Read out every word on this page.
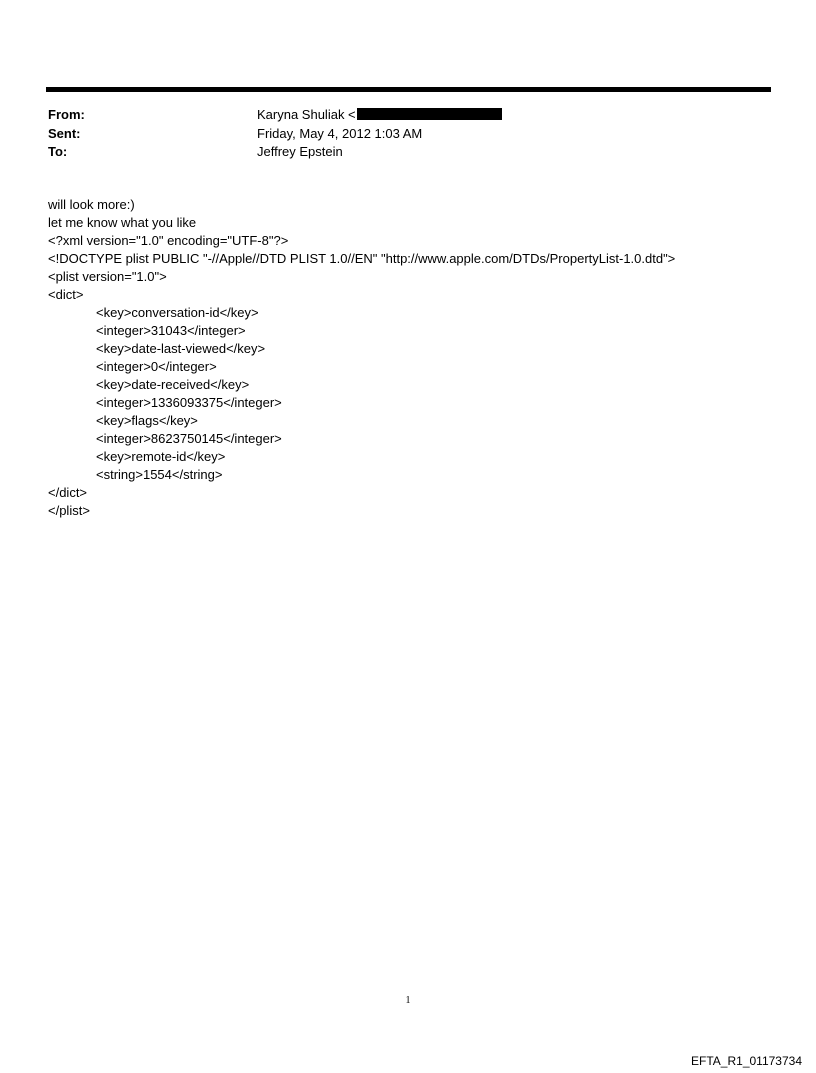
From:	Karyna Shuliak <
Sent:	Friday, May 4, 2012 1:03 AM
To:	Jeffrey Epstein
will look more:)
let me know what you like
<?xml version="1.0" encoding="UTF-8"?>
<!DOCTYPE plist PUBLIC "-//Apple//DTD PLIST 1.0//EN" "http://www.apple.com/DTDs/PropertyList-1.0.dtd">
<plist version="1.0">
<dict>
<key>conversation-id</key>
<integer>31043</integer>
<key>date-last-viewed</key>
<integer>0</integer>
<key>date-received</key>
<integer>1336093375</integer>
<key>flags</key>
<integer>8623750145</integer>
<key>remote-id</key>
<string>1554</string>
</dict>
</plist>
1
EFTA_R1_01173734
